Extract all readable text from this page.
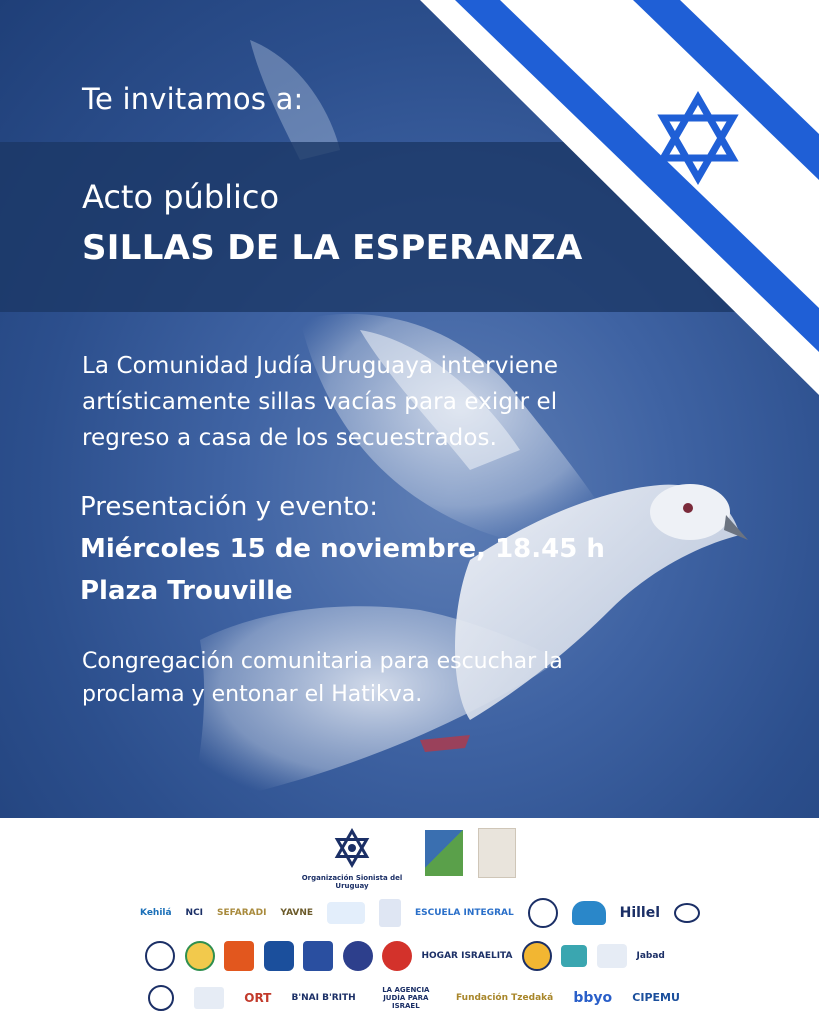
Te invitamos a:
Acto público
SILLAS DE LA ESPERANZA
La Comunidad Judía Uruguaya interviene
artísticamente sillas vacías para exigir el
regreso a casa de los secuestrados.
Presentación y evento:
Miércoles 15 de noviembre, 18.45 h
Plaza Trouville
Congregación comunitaria para escuchar la
proclama y entonar el Hatikva.
Organización Sionista del Uruguay
Kehilá NCI SEFARADI YAVNE	ESCUELA INTEGRAL	Hillel
HOGAR ISRAELITA	Jabad
ORT B'NAI B'RITH
LA AGENCIA JUDÍA PARA ISRAEL
Fundación Tzedaká bbyo CIPEMU
